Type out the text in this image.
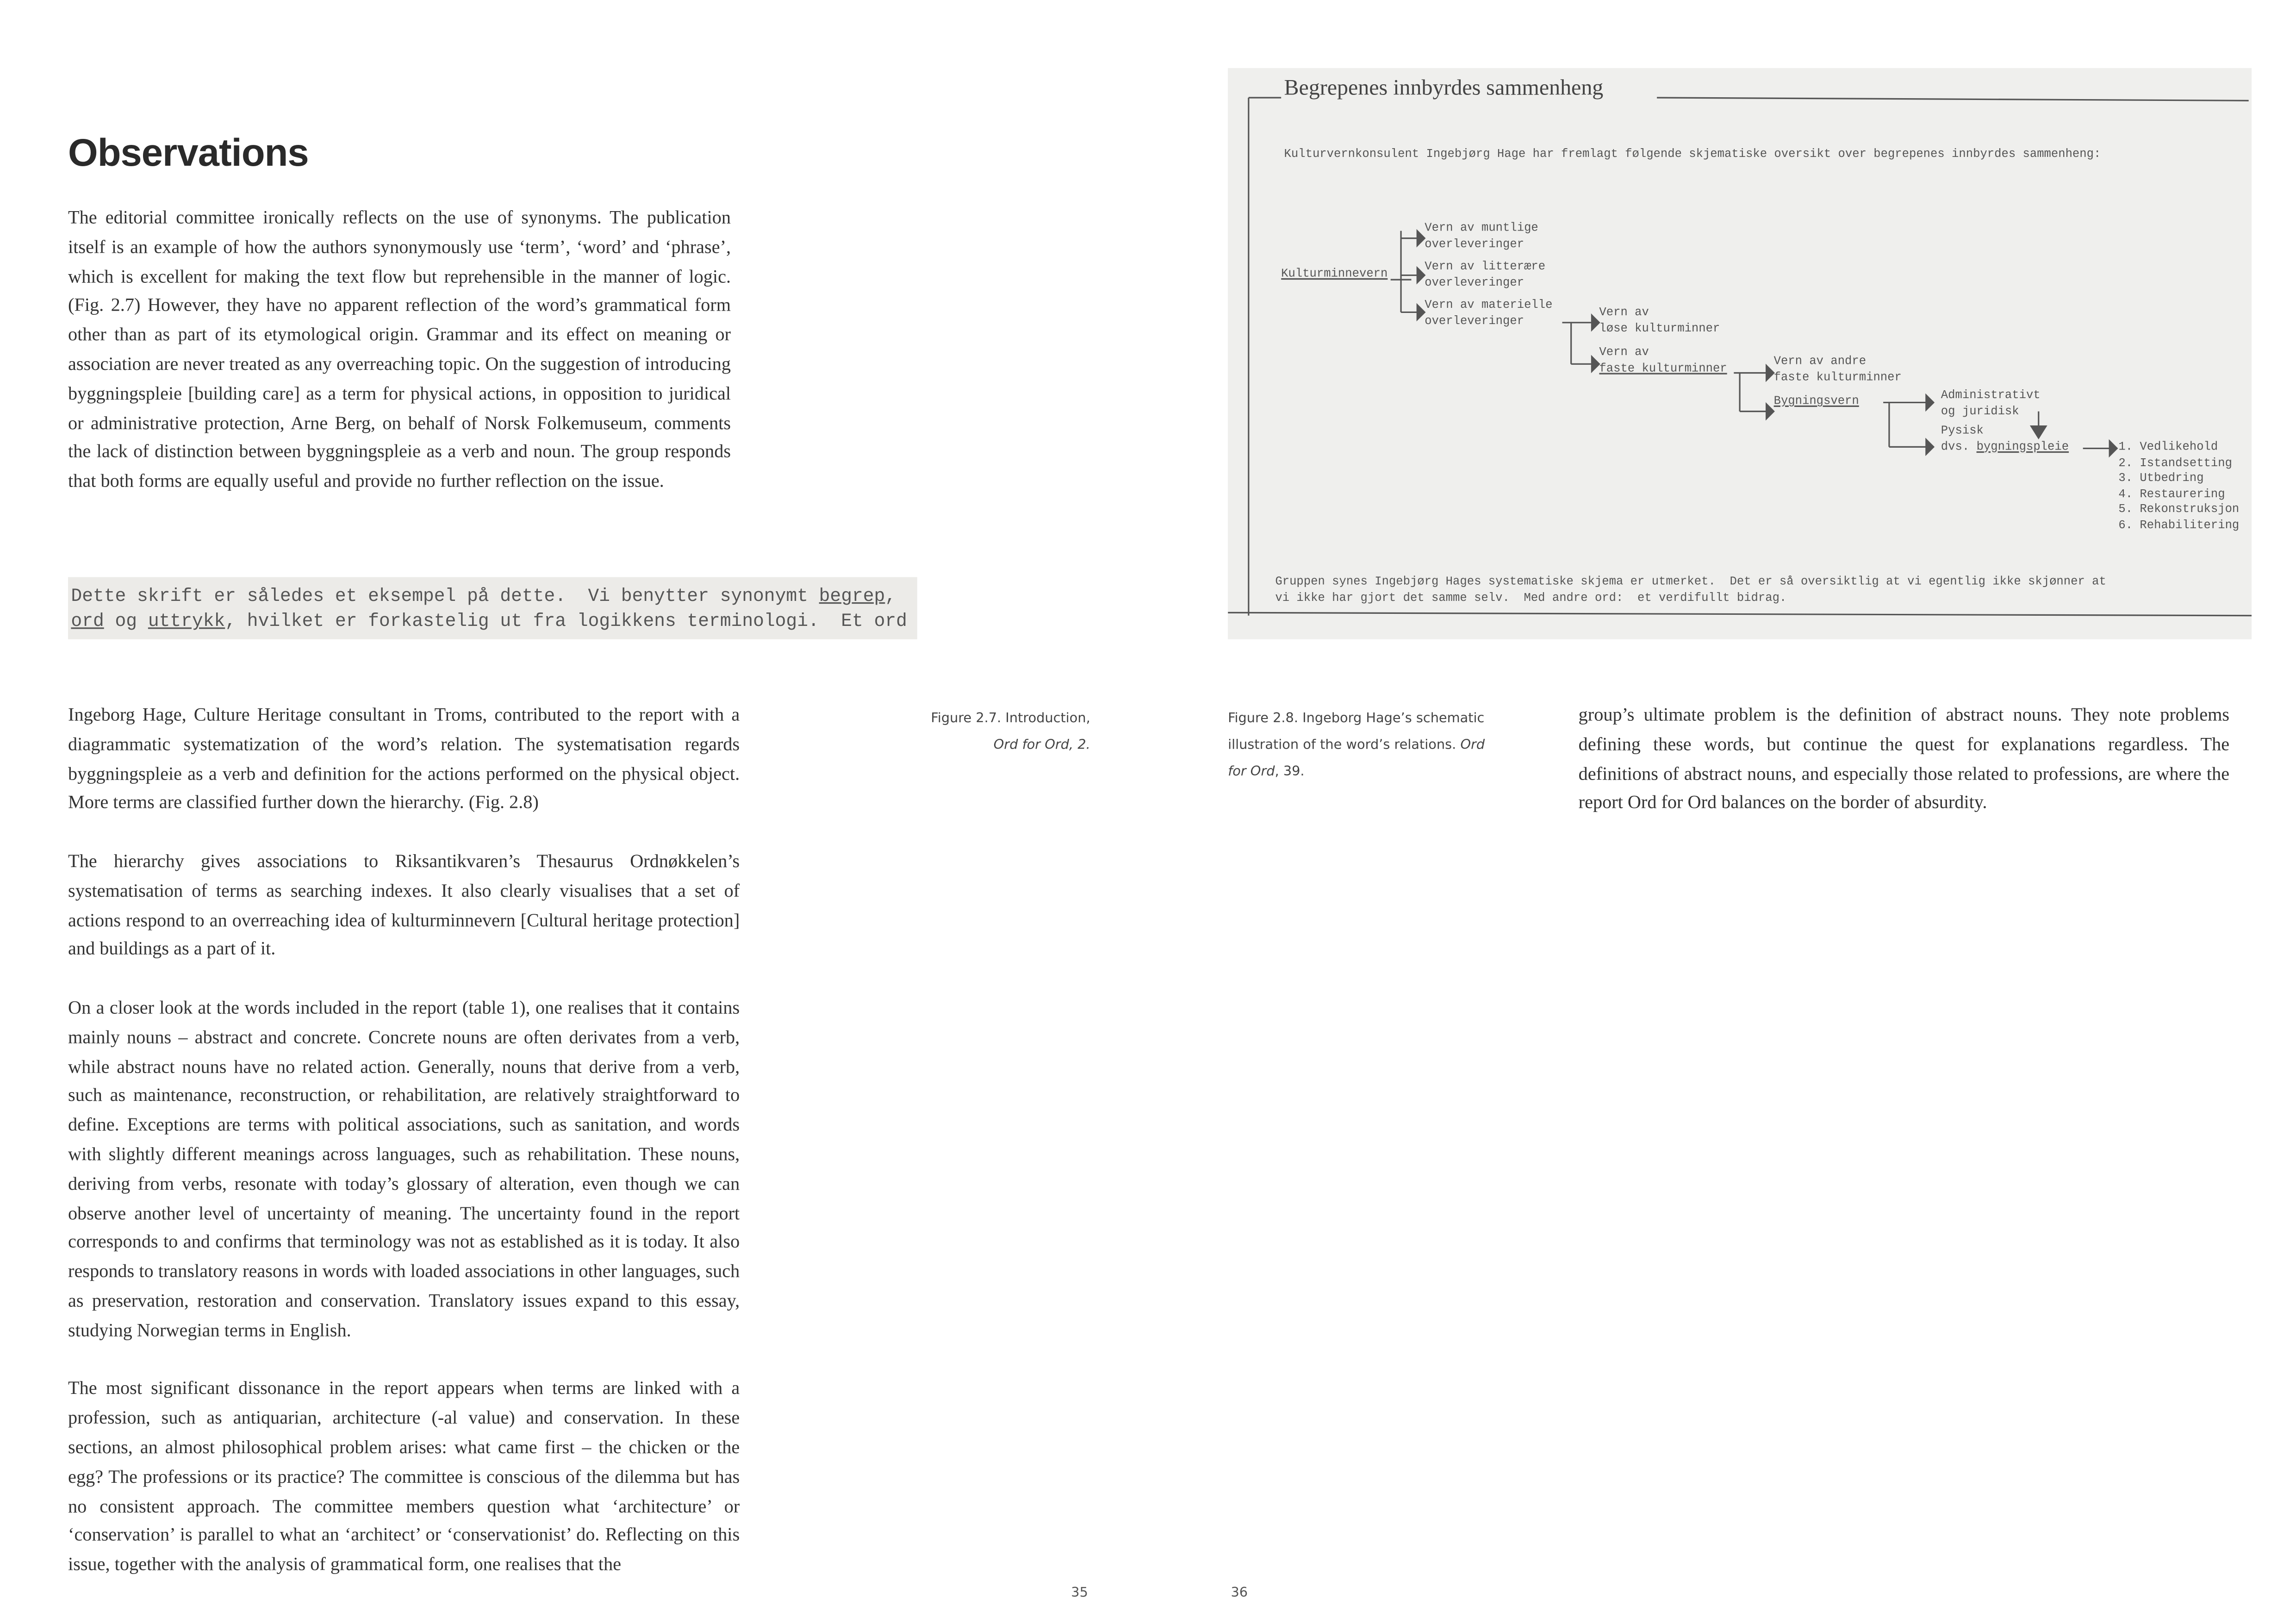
Observations

The editorial committee ironically reflects on the use of synonyms. The publication itself is an example of how the authors synonymously use ‘term’, ‘word’ and ‘phrase’, which is excellent for making the text flow but reprehensible in the manner of logic. (Fig. 2.7) However, they have no apparent reflection of the word’s grammatical form other than as part of its etymological origin. Grammar and its effect on meaning or association are never treated as any overreaching topic. On the suggestion of introducing byggningspleie [building care] as a term for physical actions, in opposition to juridical or administrative protection, Arne Berg, on behalf of Norsk Folkemuseum, comments the lack of distinction between byggningspleie as a verb and noun. The group responds that both forms are equally useful and provide no further reflection on the issue.

Dette skrift er således et eksempel på dette.  Vi benytter synonymt begrep,
ord og uttrykk, hvilket er forkastelig ut fra logikkens terminologi.  Et ord

Ingeborg Hage, Culture Heritage consultant in Troms, contributed to the report with a diagrammatic systematization of the word’s relation. The systematisation regards byggningspleie as a verb and definition for the actions performed on the physical object. More terms are classified further down the hierarchy. (Fig. 2.8)

The hierarchy gives associations to Riksantikvaren’s Thesaurus Ordnøkkelen’s systematisation of terms as searching indexes. It also clearly visualises that a set of actions respond to an overreaching idea of kulturminnevern [Cultural heritage protection] and buildings as a part of it.

On a closer look at the words included in the report (table 1), one realises that it contains mainly nouns – abstract and concrete. Concrete nouns are often derivates from a verb, while abstract nouns have no related action. Generally, nouns that derive from a verb, such as maintenance, reconstruction, or rehabilitation, are relatively straightforward to define. Exceptions are terms with political associations, such as sanitation, and words with slightly different meanings across languages, such as rehabilitation. These nouns, deriving from verbs, resonate with today’s glossary of alteration, even though we can observe another level of uncertainty of meaning. The uncertainty found in the report corresponds to and confirms that terminology was not as established as it is today. It also responds to translatory reasons in words with loaded associations in other languages, such as preservation, restoration and conservation. Translatory issues expand to this essay, studying Norwegian terms in English.

The most significant dissonance in the report appears when terms are linked with a profession, such as antiquarian, architecture (-al value) and conservation. In these sections, an almost philosophical problem arises: what came first – the chicken or the egg? The professions or its practice? The committee is conscious of the dilemma but has no consistent approach. The committee members question what ‘architecture’ or ‘conservation’ is parallel to what an ‘architect’ or ‘conservationist’ do. Reflecting on this issue, together with the analysis of grammatical form, one realises that the

Figure 2.7. Introduction,
Ord for Ord, 2.
35
Begrepenes innbyrdes sammenheng
Kulturvernkonsulent Ingebjørg Hage har fremlagt følgende skjematiske oversikt over begrepenes innbyrdes sammenheng:
Kulturminnevern
Vern av muntlige
overleveringer
Vern av litterære
overleveringer
Vern av materielle
overleveringer
Vern av
løse kulturminner
Vern av
faste kulturminner	Vern av andre
faste kulturminner
Bygningsvern	Administrativt
og juridisk
Pysisk
dvs. bygningspleie	1. Vedlikehold
2. Istandsetting
3. Utbedring
4. Restaurering
5. Rekonstruksjon
6. Rehabilitering
Gruppen synes Ingebjørg Hages systematiske skjema er utmerket.  Det er så oversiktlig at vi egentlig ikke skjønner at
vi ikke har gjort det samme selv.  Med andre ord:  et verdifullt bidrag.
Figure 2.8. Ingeborg Hage’s schematic illustration of the word’s relations. Ord for Ord, 39.

group’s ultimate problem is the definition of abstract nouns. They note problems defining these words, but continue the quest for explanations regardless. The definitions of abstract nouns, and especially those related to professions, are where the report Ord for Ord balances on the border of absurdity.

36
